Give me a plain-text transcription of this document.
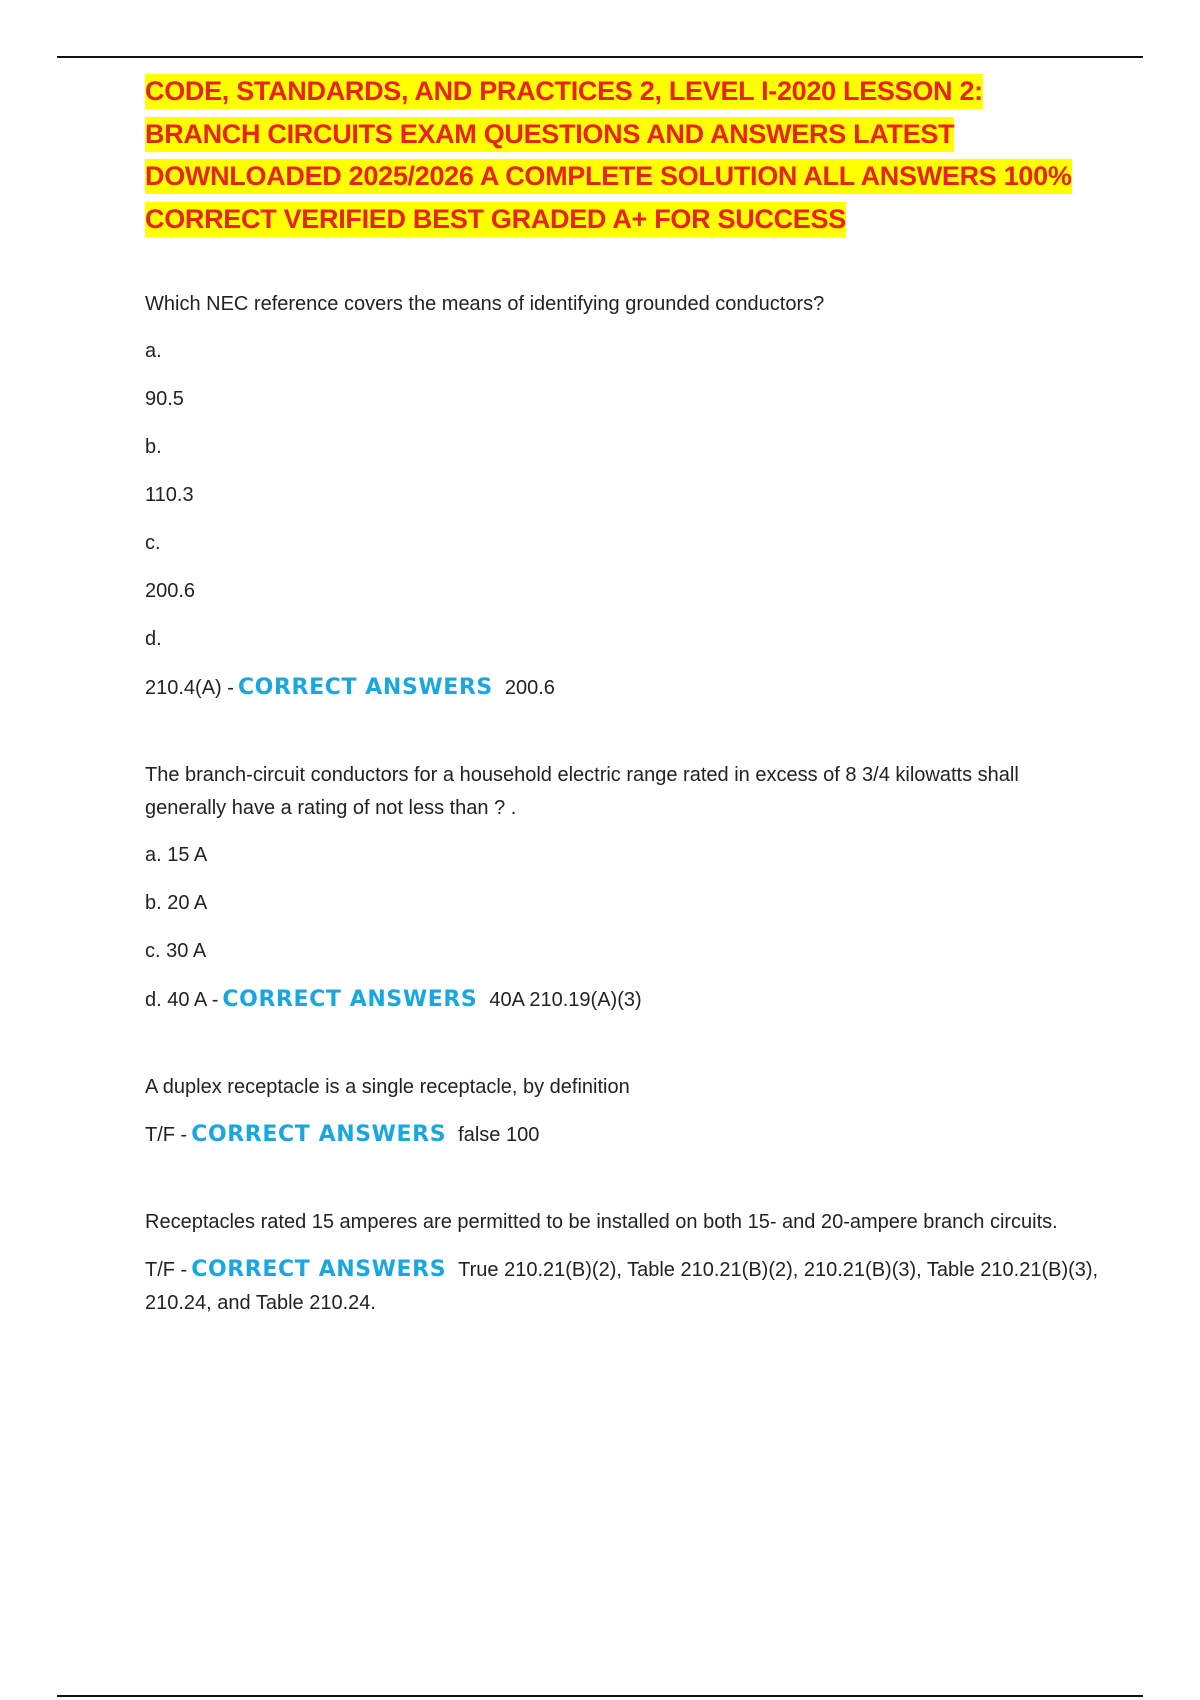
CODE, STANDARDS, AND PRACTICES 2, LEVEL I-2020 LESSON 2: BRANCH CIRCUITS EXAM QUESTIONS AND ANSWERS LATEST DOWNLOADED 2025/2026 A COMPLETE SOLUTION ALL ANSWERS 100% CORRECT VERIFIED BEST GRADED A+ FOR SUCCESS

Which NEC reference covers the means of identifying grounded conductors?

a.

90.5

b.

110.3

c.

200.6

d.

210.4(A) - CORRECT ANSWERS 200.6

The branch-circuit conductors for a household electric range rated in excess of 8 3/4 kilowatts shall generally have a rating of not less than ? .

a. 15 A

b. 20 A

c. 30 A

d. 40 A - CORRECT ANSWERS 40A 210.19(A)(3)

A duplex receptacle is a single receptacle, by definition

T/F - CORRECT ANSWERS false 100

Receptacles rated 15 amperes are permitted to be installed on both 15- and 20-ampere branch circuits.

T/F - CORRECT ANSWERS True 210.21(B)(2), Table 210.21(B)(2), 210.21(B)(3), Table 210.21(B)(3), 210.24, and Table 210.24.
